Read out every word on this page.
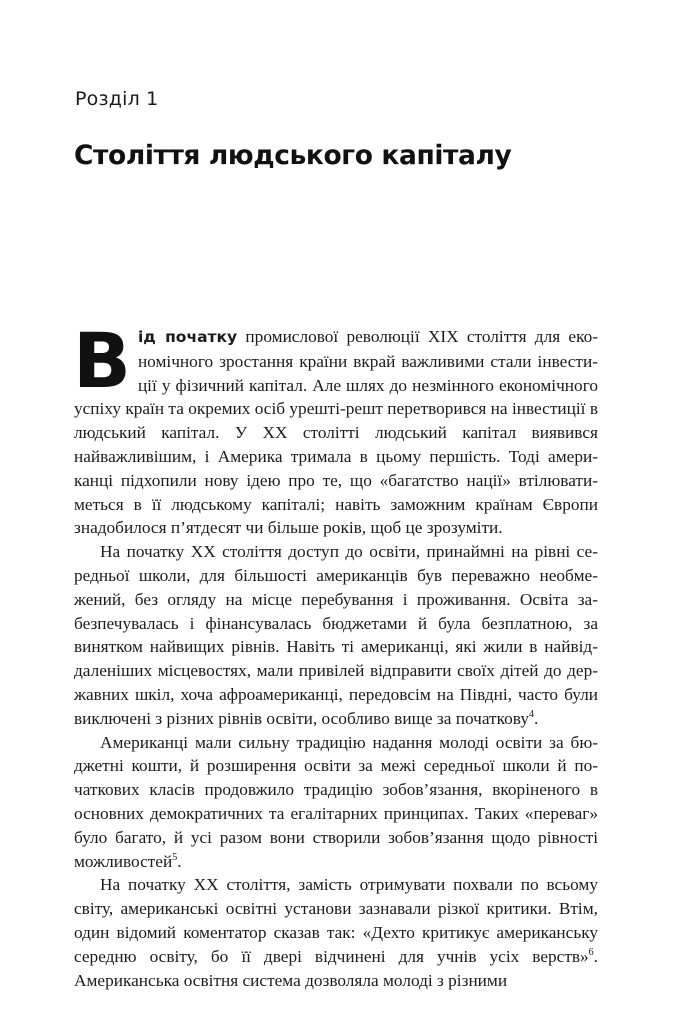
Розділ 1
Століття людського капіталу

Від початку промислової революції XIX століття для економічного зростання країни вкрай важливими стали інвестиції у фізичний капітал. Але шлях до незмінного економічного успіху країн та окремих осіб урешті-решт перетворився на інвестиції в людський капітал. У XX столітті людський капітал виявився найважливішим, і Америка тримала в цьому першість. Тоді американці підхопили нову ідею про те, що «багатство нації» втілюватиметься в її людському капіталі; навіть заможним країнам Європи знадобилося п’ятдесят чи більше років, щоб це зрозуміти.

На початку XX століття доступ до освіти, принаймні на рівні середньої школи, для більшості американців був переважно необмежений, без огляду на місце перебування і проживання. Освіта забезпечувалась і фінансувалась бюджетами й була безплатною, за винятком найвищих рівнів. Навіть ті американці, які жили в найвіддаленіших місцевостях, мали привілей відправити своїх дітей до державних шкіл, хоча афроамериканці, передовсім на Півдні, часто були виключені з різних рівнів освіти, особливо вище за початкову$^4$.

Американці мали сильну традицію надання молоді освіти за бюджетні кошти, й розширення освіти за межі середньої школи й початкових класів продовжило традицію зобов’язання, вкоріненого в основних демократичних та егалітарних принципах. Таких «переваг» було багато, й усі разом вони створили зобов’язання щодо рівності можливостей$^5$.

На початку XX століття, замість отримувати похвали по всьому світу, американські освітні установи зазнавали різкої критики. Втім, один відомий коментатор сказав так: «Дехто критикує американську середню освіту, бо її двері відчинені для учнів усіх верств»$^6$. Американська освітня система дозволяла молоді з різними
